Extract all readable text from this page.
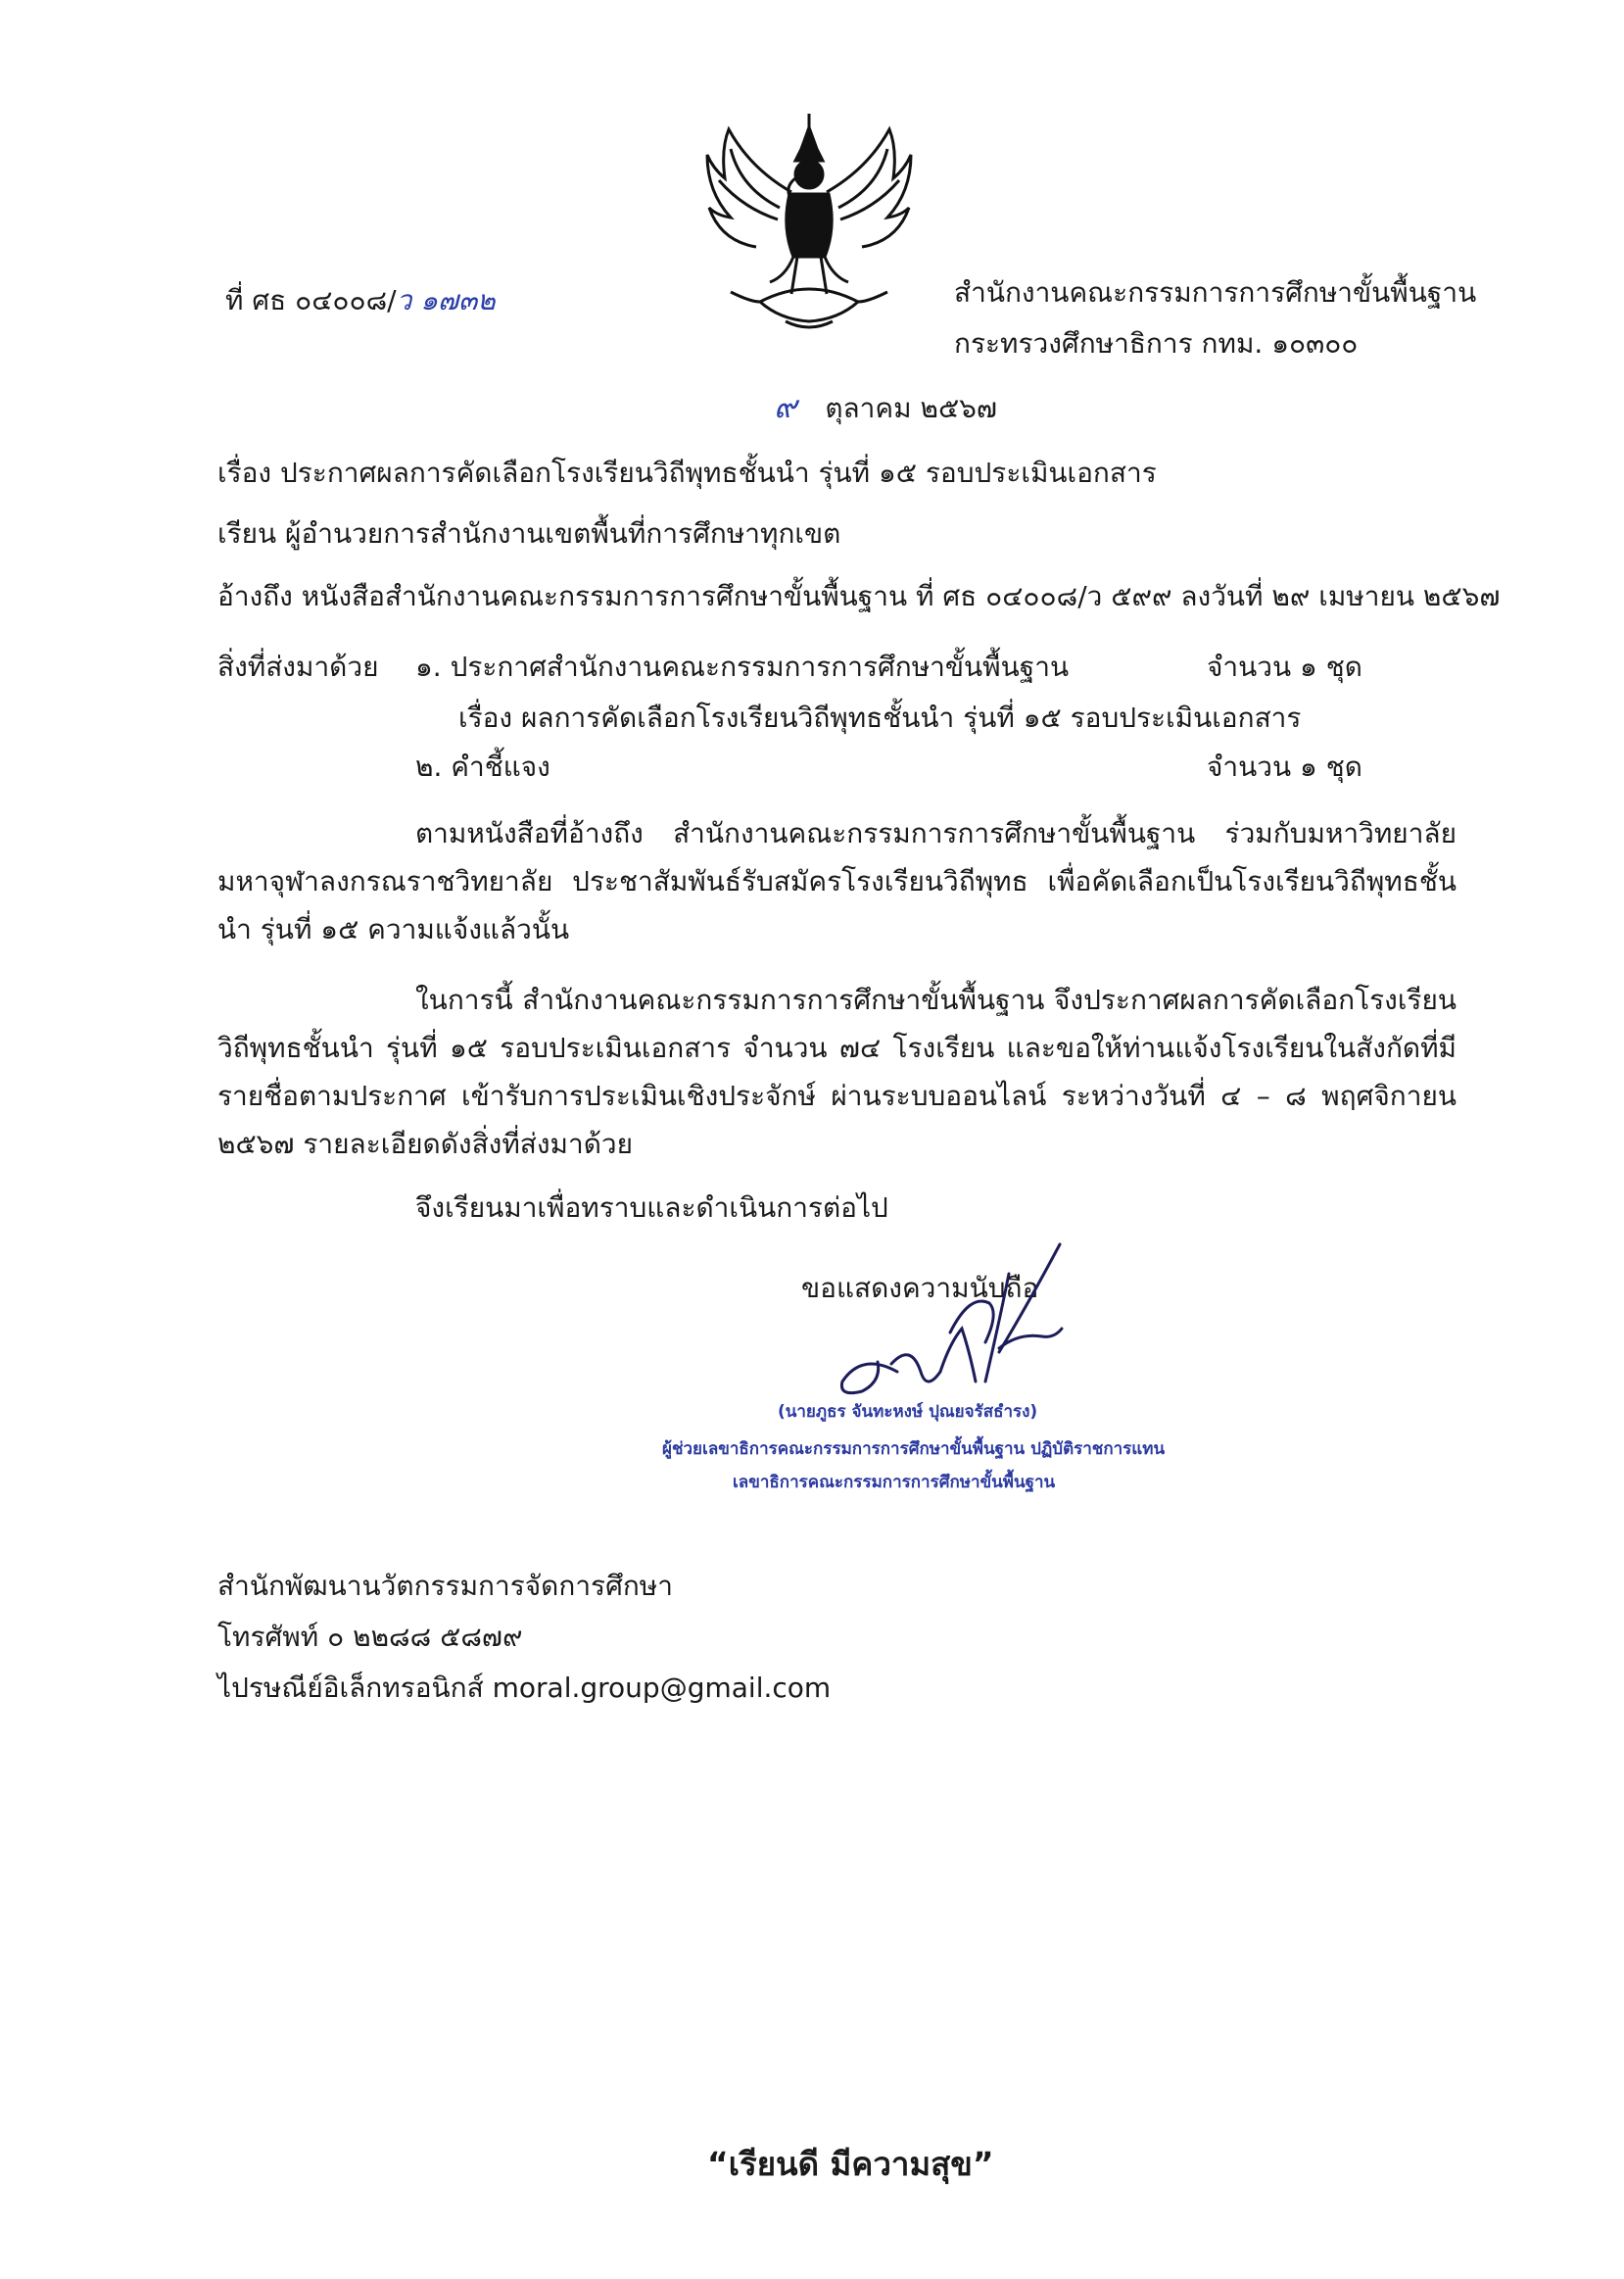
ที่ ศธ ๐๔๐๐๘/ว ๑๗๓๒	สำนักงานคณะกรรมการการศึกษาขั้นพื้นฐาน
กระทรวงศึกษาธิการ กทม. ๑๐๓๐๐
๙ ตุลาคม ๒๕๖๗
เรื่อง ประกาศผลการคัดเลือกโรงเรียนวิถีพุทธชั้นนำ รุ่นที่ ๑๕ รอบประเมินเอกสาร
เรียน ผู้อำนวยการสำนักงานเขตพื้นที่การศึกษาทุกเขต
อ้างถึง หนังสือสำนักงานคณะกรรมการการศึกษาขั้นพื้นฐาน ที่ ศธ ๐๔๐๐๘/ว ๕๙๙ ลงวันที่ ๒๙ เมษายน ๒๕๖๗
สิ่งที่ส่งมาด้วย ๑. ประกาศสำนักงานคณะกรรมการการศึกษาขั้นพื้นฐาน	จำนวน ๑ ชุด
เรื่อง ผลการคัดเลือกโรงเรียนวิถีพุทธชั้นนำ รุ่นที่ ๑๕ รอบประเมินเอกสาร
๒. คำชี้แจง	จำนวน ๑ ชุด
ตามหนังสือที่อ้างถึง สำนักงานคณะกรรมการการศึกษาขั้นพื้นฐาน ร่วมกับมหาวิทยาลัยมหาจุฬาลงกรณราชวิทยาลัย ประชาสัมพันธ์รับสมัครโรงเรียนวิถีพุทธ เพื่อคัดเลือกเป็นโรงเรียนวิถีพุทธชั้นนำ รุ่นที่ ๑๕ ความแจ้งแล้วนั้น
ในการนี้ สำนักงานคณะกรรมการการศึกษาขั้นพื้นฐาน จึงประกาศผลการคัดเลือกโรงเรียนวิถีพุทธชั้นนำ รุ่นที่ ๑๕ รอบประเมินเอกสาร จำนวน ๗๔ โรงเรียน และขอให้ท่านแจ้งโรงเรียนในสังกัดที่มีรายชื่อตามประกาศ เข้ารับการประเมินเชิงประจักษ์ ผ่านระบบออนไลน์ ระหว่างวันที่ ๔ – ๘ พฤศจิกายน ๒๕๖๗ รายละเอียดดังสิ่งที่ส่งมาด้วย
จึงเรียนมาเพื่อทราบและดำเนินการต่อไป
ขอแสดงความนับถือ
(นายภูธร จันทะหงษ์ ปุณยจรัสธำรง)
ผู้ช่วยเลขาธิการคณะกรรมการการศึกษาขั้นพื้นฐาน ปฏิบัติราชการแทน
เลขาธิการคณะกรรมการการศึกษาขั้นพื้นฐาน
สำนักพัฒนานวัตกรรมการจัดการศึกษา
โทรศัพท์ ๐ ๒๒๘๘ ๕๘๗๙
ไปรษณีย์อิเล็กทรอนิกส์ moral.group@gmail.com
“เรียนดี มีความสุข”
